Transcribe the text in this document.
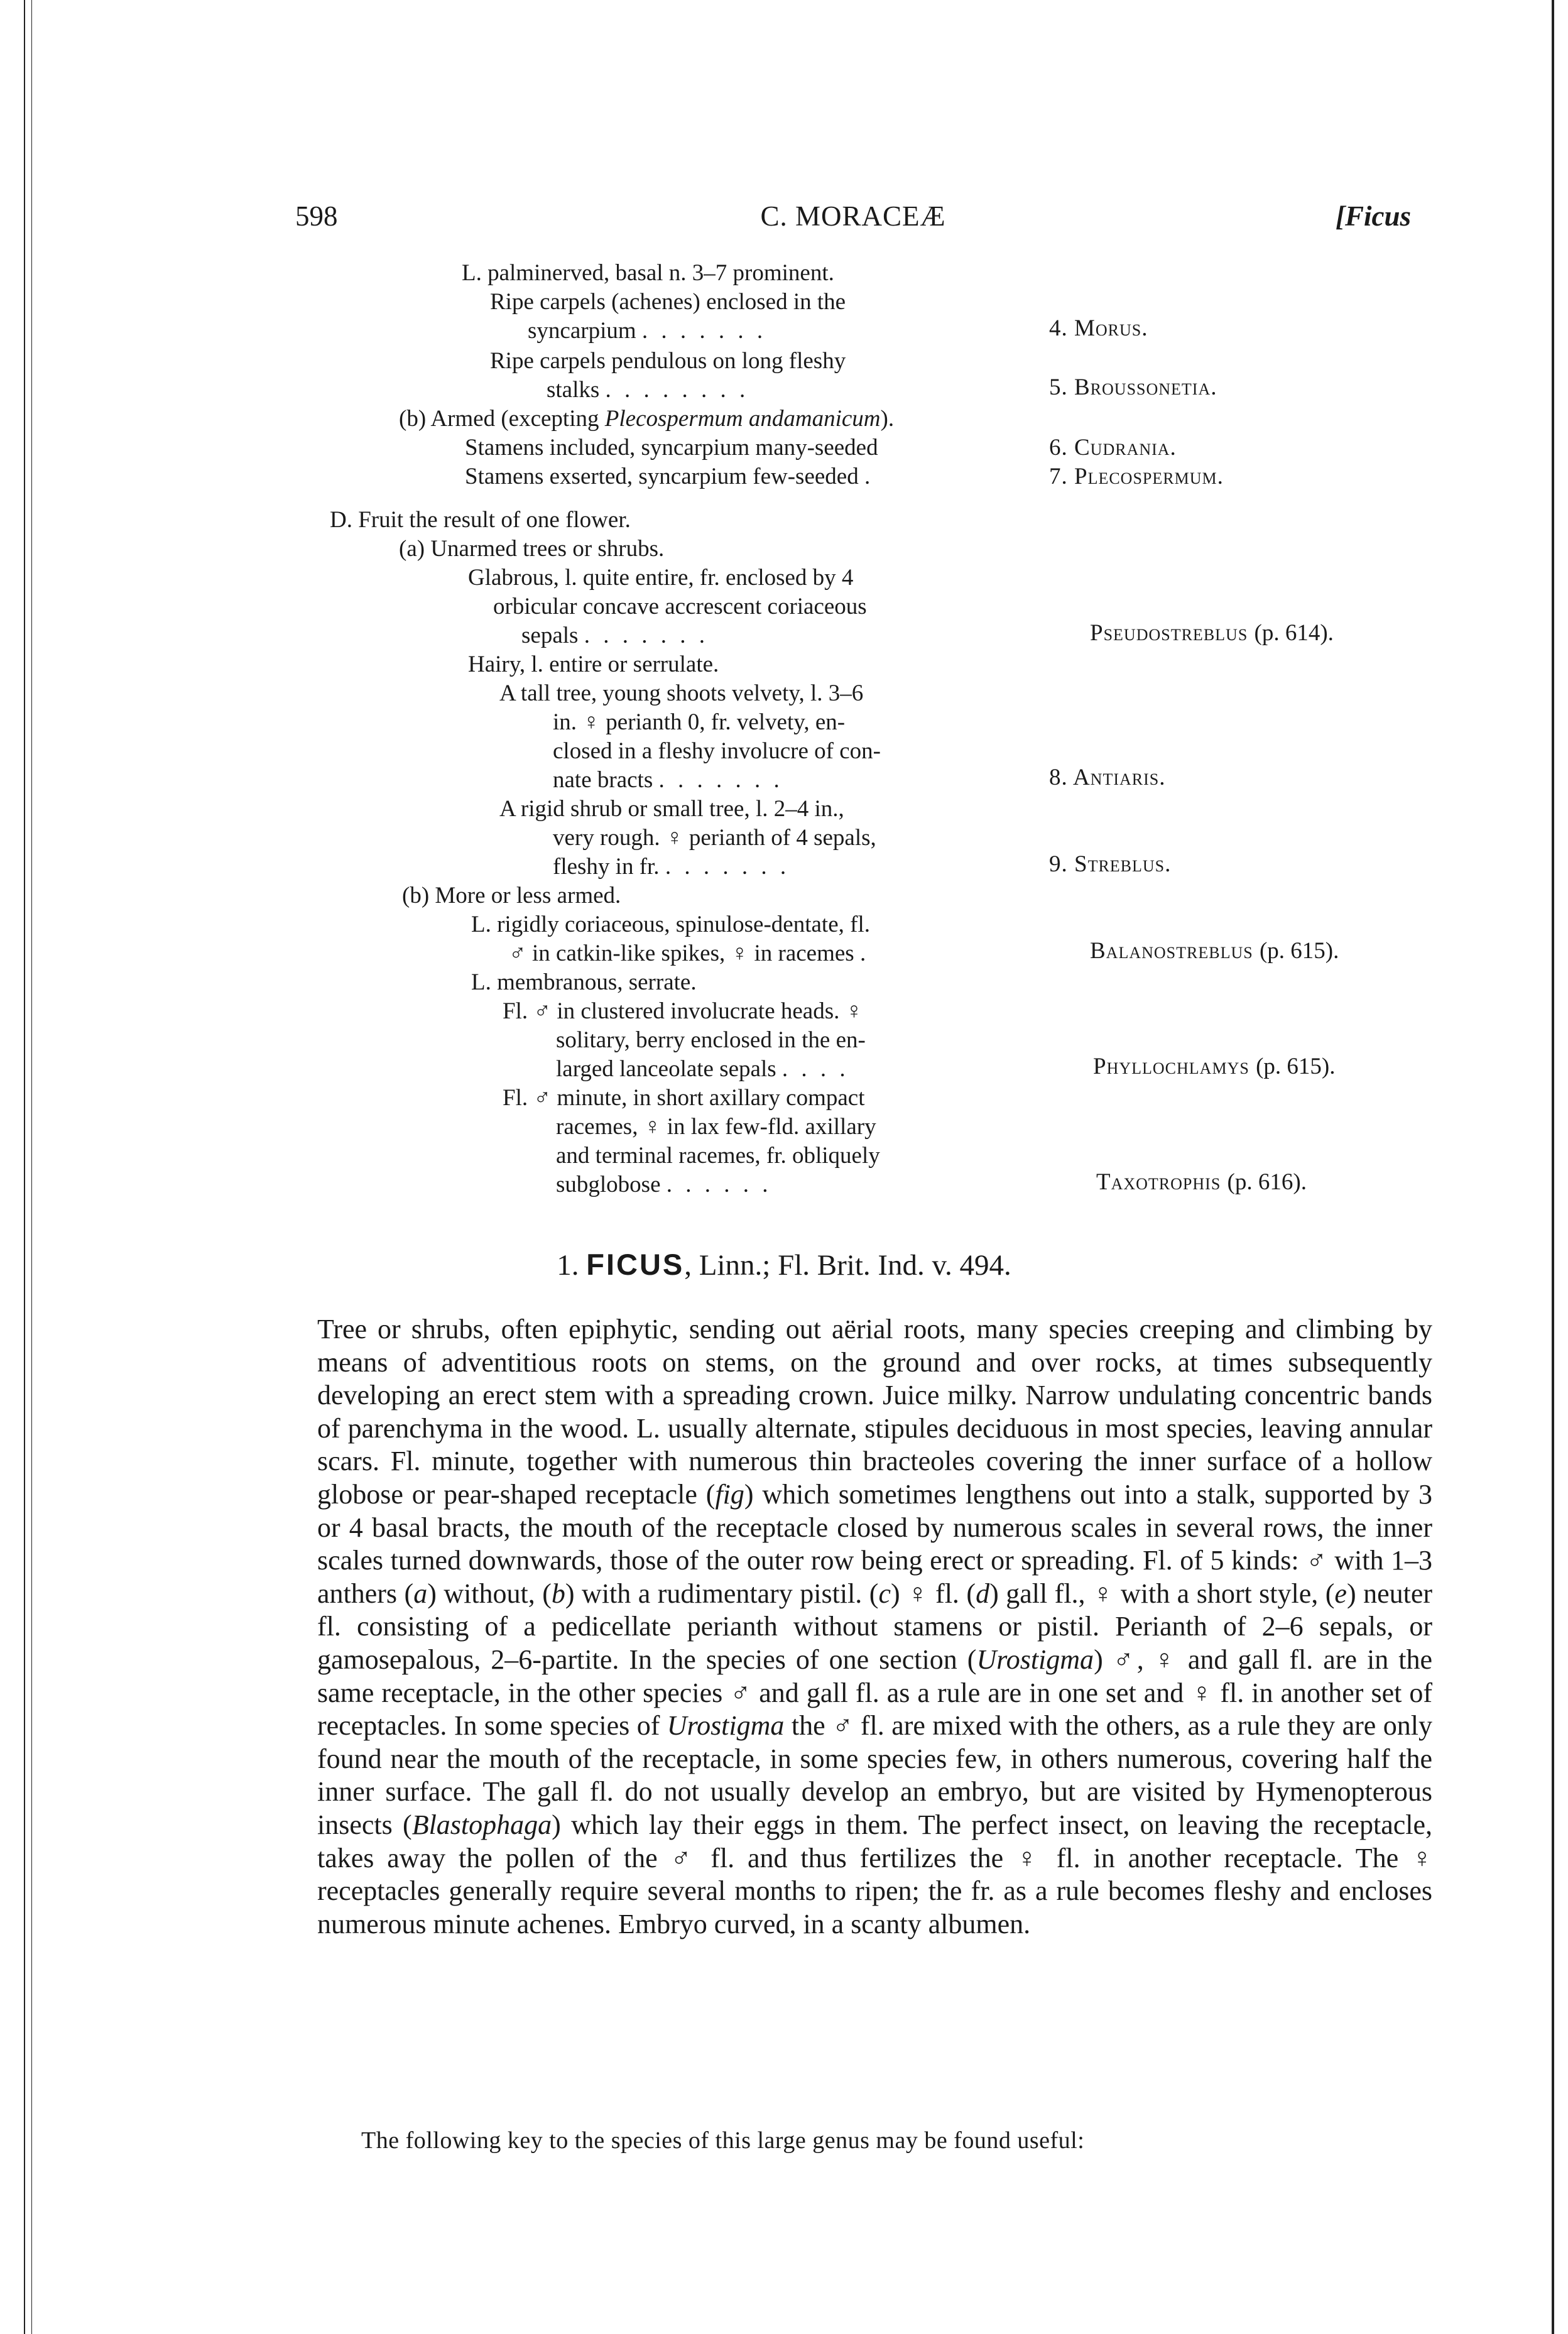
598	C. MORACEÆ	[Ficus
L. palminerved, basal n. 3–7 prominent.
Ripe carpels (achenes) enclosed in the
syncarpium . . . . . . .	4. Morus.
Ripe carpels pendulous on long fleshy
stalks . . . . . . . .	5. Broussonetia.
(b) Armed (excepting Plecospermum andamanicum).
Stamens included, syncarpium many-seeded	6. Cudrania.
Stamens exserted, syncarpium few-seeded .	7. Plecospermum.
D. Fruit the result of one flower.
(a) Unarmed trees or shrubs.
Glabrous, l. quite entire, fr. enclosed by 4
orbicular concave accrescent coriaceous
sepals . . . . . . .	Pseudostreblus (p. 614).
Hairy, l. entire or serrulate.
A tall tree, young shoots velvety, l. 3–6
in. ♀ perianth 0, fr. velvety, en-
closed in a fleshy involucre of con-
nate bracts . . . . . . .	8. Antiaris.
A rigid shrub or small tree, l. 2–4 in.,
very rough. ♀ perianth of 4 sepals,
fleshy in fr. . . . . . . .	9. Streblus.
(b) More or less armed.
L. rigidly coriaceous, spinulose-dentate, fl.
♂ in catkin-like spikes, ♀ in racemes .	Balanostreblus (p. 615).
L. membranous, serrate.
Fl. ♂ in clustered involucrate heads. ♀
solitary, berry enclosed in the en-
larged lanceolate sepals . . . .	Phyllochlamys (p. 615).
Fl. ♂ minute, in short axillary compact
racemes, ♀ in lax few-fld. axillary
and terminal racemes, fr. obliquely
subglobose . . . . . .	Taxotrophis (p. 616).
1. FICUS, Linn.; Fl. Brit. Ind. v. 494.

Tree or shrubs, often epiphytic, sending out aërial roots, many species creeping and climbing by means of adventitious roots on stems, on the ground and over rocks, at times subsequently developing an erect stem with a spreading crown. Juice milky. Narrow undulating concentric bands of parenchyma in the wood. L. usually alternate, stipules deciduous in most species, leaving annular scars. Fl. minute, together with numerous thin bracteoles covering the inner surface of a hollow globose or pear-shaped receptacle (fig) which sometimes lengthens out into a stalk, supported by 3 or 4 basal bracts, the mouth of the receptacle closed by numerous scales in several rows, the inner scales turned downwards, those of the outer row being erect or spreading. Fl. of 5 kinds: ♂ with 1–3 anthers (a) without, (b) with a rudimentary pistil. (c) ♀ fl. (d) gall fl., ♀ with a short style, (e) neuter fl. consisting of a pedicellate perianth without stamens or pistil. Perianth of 2–6 sepals, or gamosepalous, 2–6-partite. In the species of one section (Urostigma) ♂, ♀ and gall fl. are in the same receptacle, in the other species ♂ and gall fl. as a rule are in one set and ♀ fl. in another set of receptacles. In some species of Urostigma the ♂ fl. are mixed with the others, as a rule they are only found near the mouth of the receptacle, in some species few, in others numerous, covering half the inner surface. The gall fl. do not usually develop an embryo, but are visited by Hymenopterous insects (Blastophaga) which lay their eggs in them. The perfect insect, on leaving the receptacle, takes away the pollen of the ♂ fl. and thus fertilizes the ♀ fl. in another receptacle. The ♀ receptacles generally require several months to ripen; the fr. as a rule becomes fleshy and encloses numerous minute achenes. Embryo curved, in a scanty albumen.

The following key to the species of this large genus may be found useful:
